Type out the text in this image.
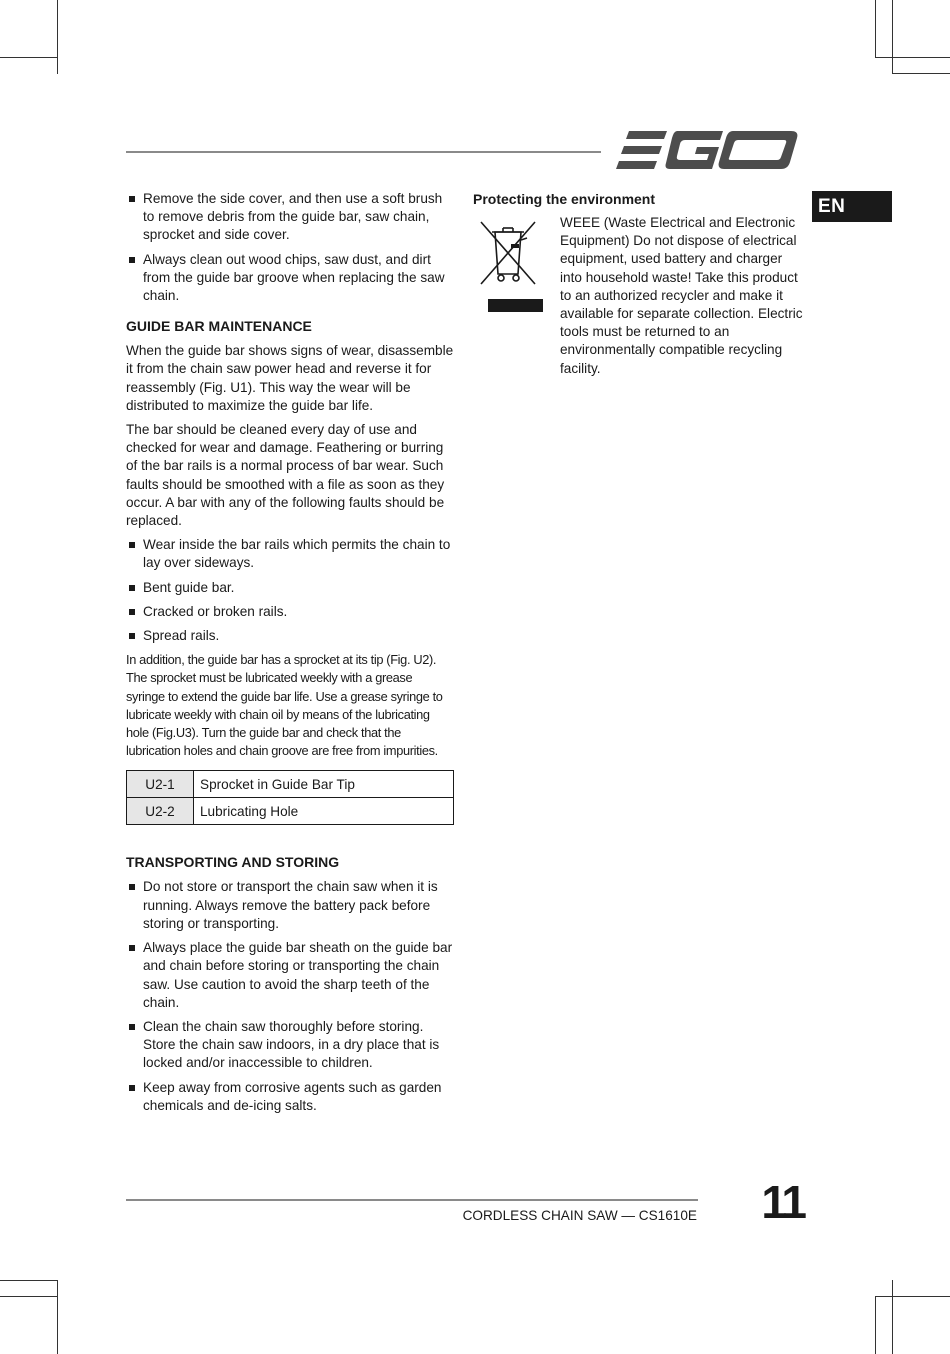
EN
Remove the side cover, and then use a soft brush to remove debris from the guide bar, saw chain, sprocket and side cover.
Always clean out wood chips, saw dust, and dirt from the guide bar groove when replacing the saw chain.
GUIDE BAR MAINTENANCE

When the guide bar shows signs of wear, disassemble it from the chain saw power head and reverse it for reassembly (Fig. U1). This way the wear will be distributed to maximize the guide bar life.

The bar should be cleaned every day of use and checked for wear and damage. Feathering or burring of the bar rails is a normal process of bar wear. Such faults should be smoothed with a file as soon as they occur. A bar with any of the following faults should be replaced.

Wear inside the bar rails which permits the chain to lay over sideways.
Bent guide bar.
Cracked or broken rails.
Spread rails.

In addition, the guide bar has a sprocket at its tip (Fig. U2). The sprocket must be lubricated weekly with a grease syringe to extend the guide bar life. Use a grease syringe to lubricate weekly with chain oil by means of the lubricating hole (Fig.U3). Turn the guide bar and check that the lubrication holes and chain groove are free from impurities.

U2-1	Sprocket in Guide Bar Tip
U2-2	Lubricating Hole
TRANSPORTING AND STORING
Do not store or transport the chain saw when it is running. Always remove the battery pack before storing or transporting.
Always place the guide bar sheath on the guide bar and chain before storing or transporting the chain saw. Use caution to avoid the sharp teeth of the chain.
Clean the chain saw thoroughly before storing. Store the chain saw indoors, in a dry place that is locked and/or inaccessible to children.
Keep away from corrosive agents such as garden chemicals and de-icing salts.
Protecting the environment
WEEE (Waste Electrical and Electronic Equipment) Do not dispose of electrical equipment, used battery and charger into household waste! Take this product to an authorized recycler and make it available for separate collection. Electric tools must be returned to an environmentally compatible recycling facility.
CORDLESS CHAIN SAW — CS1610E 11
